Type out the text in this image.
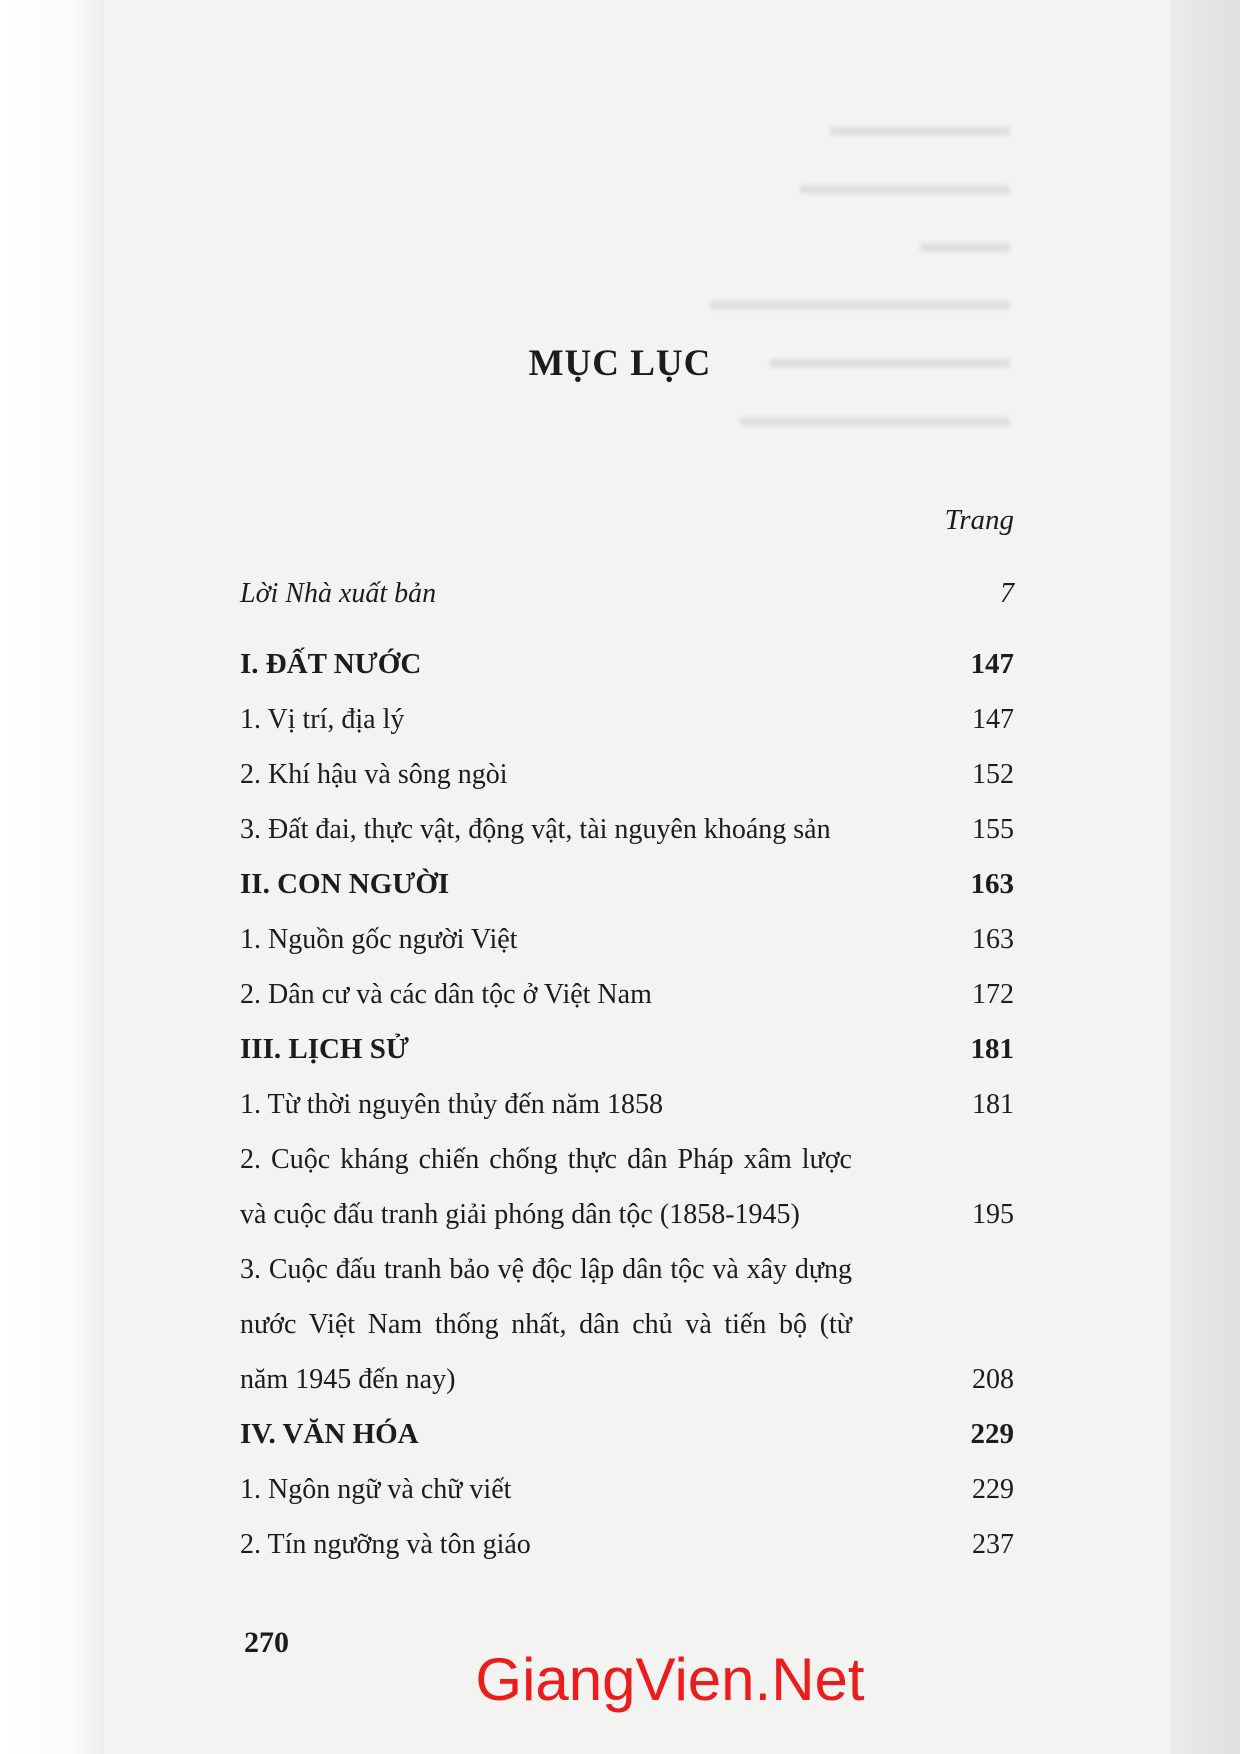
▬▬▬▬▬▬
▬▬▬▬▬▬▬
▬▬▬
▬▬▬▬▬▬▬▬▬▬
▬▬▬▬▬▬▬▬
▬▬▬▬▬▬▬▬▬
MỤC LỤC
Trang
Lời Nhà xuất bản	7
I. ĐẤT NƯỚC	147
1. Vị trí, địa lý	147
2. Khí hậu và sông ngòi	152
3. Đất đai, thực vật, động vật, tài nguyên khoáng sản	155
II. CON NGƯỜI	163
1. Nguồn gốc người Việt	163
2. Dân cư và các dân tộc ở Việt Nam	172
III. LỊCH SỬ	181
1. Từ thời nguyên thủy đến năm 1858	181
2. Cuộc kháng chiến chống thực dân Pháp xâm lược
và cuộc đấu tranh giải phóng dân tộc (1858-1945)	195
3. Cuộc đấu tranh bảo vệ độc lập dân tộc và xây dựng
nước Việt Nam thống nhất, dân chủ và tiến bộ (từ
năm 1945 đến nay)	208
IV. VĂN HÓA	229
1. Ngôn ngữ và chữ viết	229
2. Tín ngưỡng và tôn giáo	237
270
GiangVien.Net
